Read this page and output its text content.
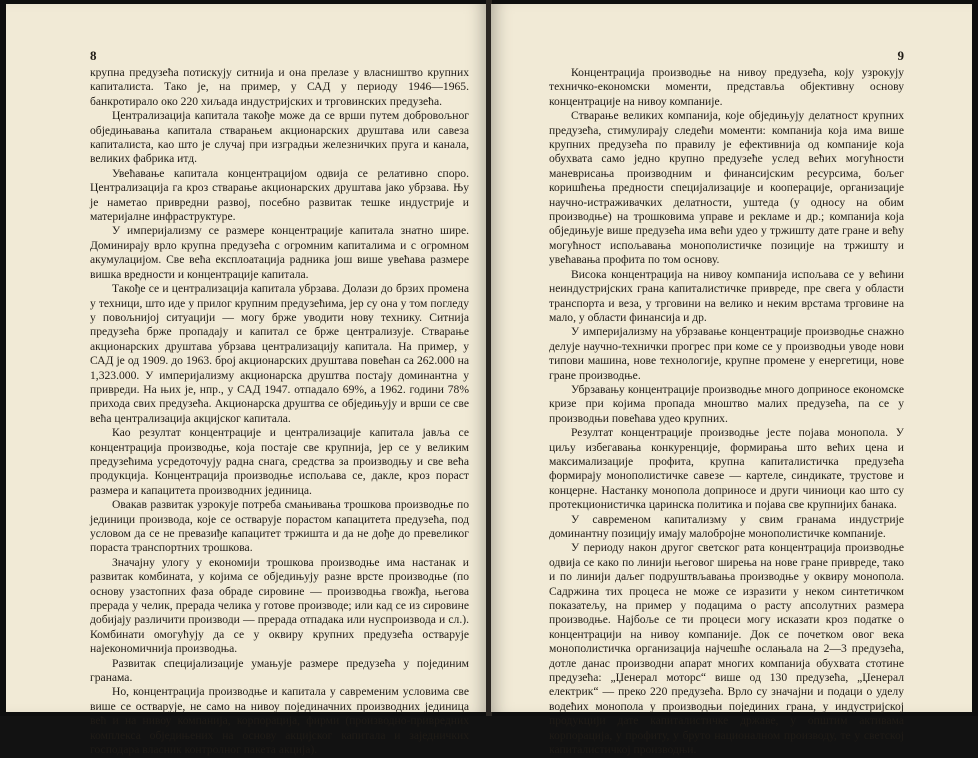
8

крупна предузећа потискују ситнија и она прелазе у власништво крупних капиталиста. Тако је, на пример, у САД у периоду 1946—1965. банкротирало око 220 хиљада индустријских и трговинских предузећа.

Централизација капитала такође може да се врши путем добровољног обједињавања капитала стварањем акционарских друштава или савеза капиталиста, као што је случај при изградњи железничких пруга и канала, великих фабрика итд.

Увећавање капитала концентрацијом одвија се релативно споро. Централизација га кроз стварање акционарских друштава јако убрзава. Њу је наметао привредни развој, посебно развитак тешке индустрије и материјалне инфраструктуре.

У империјализму се размере концентрације капитала знатно шире. Доминирају врло крупна предузећа с огромним капиталима и с огромном акумулацијом. Све већа експлоатација радника још више увећава размере вишка вредности и концентрације капитала.

Такође се и централизација капитала убрзава. Долази до брзих промена у техници, што иде у прилог крупним предузећима, јер су она у том погледу у повољнијој ситуацији — могу брже уводити нову технику. Ситнија предузећа брже пропадају и капитал се брже централизује. Стварање акционарских друштава убрзава централизацију капитала. На пример, у САД је од 1909. до 1963. број акционарских друштава повећан са 262.000 на 1,323.000. У империјализму акционарска друштва постају доминантна у привреди. На њих је, нпр., у САД 1947. отпадало 69%, а 1962. години 78% прихода свих предузећа. Акционарска друштва се обједињују и врши се све већа централизација акцијског капитала.

Као резултат концентрације и централизације капитала јавља се концентрација производње, која постаје све крупнија, јер се у великим предузећима усредоточују радна снага, средства за производњу и све већа продукција. Концентрација производње испољава се, дакле, кроз пораст размера и капацитета производних јединица.

Овакав развитак узрокује потреба смањивања трошкова производње по јединици производа, које се остварује порастом капацитета предузећа, под условом да се не превазиђе капацитет тржишта и да не дође до превеликог пораста транспортних трошкова.

Значајну улогу у економији трошкова производње има настанак и развитак комбината, у којима се обједињују разне врсте производње (по основу узастопних фаза обраде сировине — производња гвожђа, његова прерада у челик, прерада челика у готове производе; или кад се из сировине добијају различити производи — прерада отпадака или нуспроизвода и сл.). Комбинати омогућују да се у оквиру крупних предузећа остварује најекономичнија производња.

Развитак специјализације умањује размере предузећа у појединим гранама.

Но, концентрација производње и капитала у савременим условима све више се остварује, не само на нивоу појединачних производних јединица већ и на нивоу компанија, корпорација, фирми (производно-привредних комплекса обједињених на основу акцијског капитала и заједничких господара власник контролног пакета акција).

9

Концентрација производње на нивоу предузећа, коју узрокују техничко-економски моменти, представља објективну основу концентрације на нивоу компаније.

Стварање великих компанија, које обједињују делатност крупних предузећа, стимулирају следећи моменти: компанија која има више крупних предузећа по правилу је ефективнија од компаније која обухвата само једно крупно предузеће услед већих могућности маневрисања производним и финансијским ресурсима, бољег коришћења предности специјализације и кооперације, организације научно-истраживачких делатности, уштеда (у односу на обим производње) на трошковима управе и рекламе и др.; компанија која обједињује више предузећа има већи удео у тржишту дате гране и већу могућност испољавања монополистичке позиције на тржишту и увећавања профита по том основу.

Висока концентрација на нивоу компанија испољава се у већини неиндустријских грана капиталистичке привреде, пре свега у области транспорта и веза, у трговини на велико и неким врстама трговине на мало, у области финансија и др.

У империјализму на убрзавање концентрације производње снажно делује научно-технички прогрес при коме се у производњи уводе нови типови машина, нове технологије, крупне промене у енергетици, нове гране производње.

Убрзавању концентрације производње много доприносе економске кризе при којима пропада мноштво малих предузећа, па се у производњи повећава удео крупних.

Резултат концентрације производње јесте појава монопола. У циљу избегавања конкуренције, формирања што већих цена и максимализације профита, крупна капиталистичка предузећа формирају монополистичке савезе — картеле, синдикате, трустове и концерне. Настанку монопола доприносе и други чиниоци као што су протекционистичка царинска политика и појава све крупнијих банака.

У савременом капитализму у свим гранама индустрије доминантну позицију имају малобројне монополистичке компаније.

У периоду након другог светског рата концентрација производње одвија се како по линији његовог ширења на нове гране привреде, тако и по линији даљег подруштвљавања производње у оквиру монопола. Садржина тих процеса не може се изразити у неком синтетичком показатељу, на пример у подацима о расту апсолутних размера производње. Најбоље се ти процеси могу исказати кроз податке о концентрацији на нивоу компаније. Док се почетком овог века монополистичка организација најчешће ослањала на 2—3 предузећа, дотле данас производни апарат многих компанија обухвата стотине предузећа: „Џенерал моторс“ више од 130 предузећа, „Џенерал електрик“ — преко 220 предузећа. Врло су значајни и подаци о уделу водећих монопола у производњи појединих грана, у индустријској продукцији дате капиталистичке државе, у општим активама корпорација, у профиту, у бруто националном производу, те у светској капиталистичкој производњи.
